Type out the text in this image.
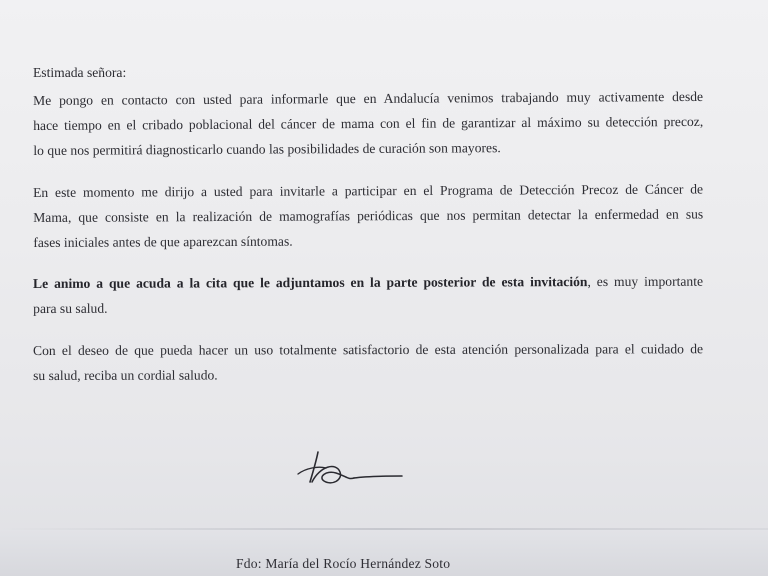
Estimada señora:
Me pongo en contacto con usted para informarle que en Andalucía venimos trabajando muy activamente desde
hace tiempo en el cribado poblacional del cáncer de mama con el fin de garantizar al máximo su detección precoz,
lo que nos permitirá diagnosticarlo cuando las posibilidades de curación son mayores.
En este momento me dirijo a usted para invitarle a participar en el Programa de Detección Precoz de Cáncer de
Mama, que consiste en la realización de mamografías periódicas que nos permitan detectar la enfermedad en sus
fases iniciales antes de que aparezcan síntomas.
Le animo a que acuda a la cita que le adjuntamos en la parte posterior de esta invitación, es muy importante
para su salud.
Con el deseo de que pueda hacer un uso totalmente satisfactorio de esta atención personalizada para el cuidado de
su salud, reciba un cordial saludo.
Fdo: María del Rocío Hernández Soto
